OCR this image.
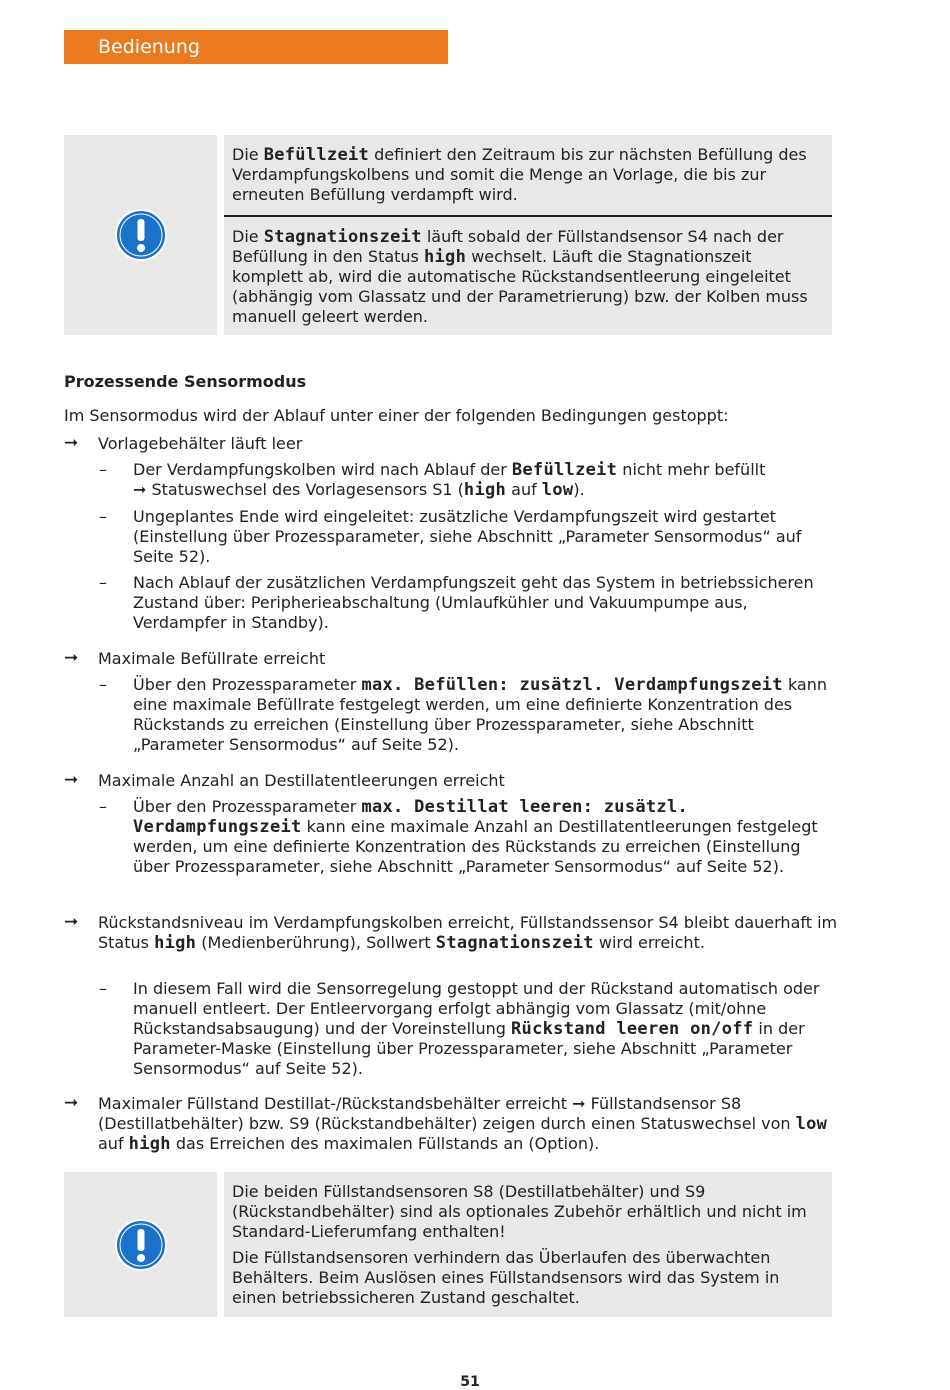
Bedienung
Die Befüllzeit definiert den Zeitraum bis zur nächsten Befüllung des Verdampfungskolbens und somit die Menge an Vorlage, die bis zur erneuten Befüllung verdampft wird.
Die Stagnationszeit läuft sobald der Füllstandsensor S4 nach der Befüllung in den Status high wechselt. Läuft die Stagnationszeit komplett ab, wird die automatische Rückstandsentleerung eingeleitet (abhängig vom Glassatz und der Parametrierung) bzw. der Kolben muss manuell geleert werden.
Prozessende Sensormodus
Im Sensormodus wird der Ablauf unter einer der folgenden Bedingungen gestoppt:
➞ Vorlagebehälter läuft leer
– Der Verdampfungskolben wird nach Ablauf der Befüllzeit nicht mehr befüllt
➞ Statuswechsel des Vorlagesensors S1 (high auf low).
– Ungeplantes Ende wird eingeleitet: zusätzliche Verdampfungszeit wird gestartet (Einstellung über Prozessparameter, siehe Abschnitt „Parameter Sensormodus“ auf Seite 52).
– Nach Ablauf der zusätzlichen Verdampfungszeit geht das System in betriebssicheren Zustand über: Peripherieabschaltung (Umlaufkühler und Vakuumpumpe aus, Verdampfer in Standby).
➞ Maximale Befüllrate erreicht
– Über den Prozessparameter max. Befüllen: zusätzl. Verdampfungszeit kann eine maximale Befüllrate festgelegt werden, um eine definierte Konzentration des Rückstands zu erreichen (Einstellung über Prozessparameter, siehe Abschnitt „Parameter Sensormodus“ auf Seite 52).
➞ Maximale Anzahl an Destillatentleerungen erreicht
– Über den Prozessparameter max. Destillat leeren: zusätzl. Verdampfungszeit kann eine maximale Anzahl an Destillatentleerungen festgelegt werden, um eine definierte Konzentration des Rückstands zu erreichen (Einstellung über Prozessparameter, siehe Abschnitt „Parameter Sensormodus“ auf Seite 52).
➞ Rückstandsniveau im Verdampfungskolben erreicht, Füllstandssensor S4 bleibt dauerhaft im Status high (Medienberührung), Sollwert Stagnationszeit wird erreicht.
– In diesem Fall wird die Sensorregelung gestoppt und der Rückstand automatisch oder manuell entleert. Der Entleervorgang erfolgt abhängig vom Glassatz (mit/ohne Rückstandsabsaugung) und der Voreinstellung Rückstand leeren on/off in der Parameter-Maske (Einstellung über Prozessparameter, siehe Abschnitt „Parameter Sensormodus“ auf Seite 52).
➞ Maximaler Füllstand Destillat-/Rückstandsbehälter erreicht ➞ Füllstandsensor S8 (Destillatbehälter) bzw. S9 (Rückstandbehälter) zeigen durch einen Statuswechsel von low auf high das Erreichen des maximalen Füllstands an (Option).
Die beiden Füllstandsensoren S8 (Destillatbehälter) und S9 (Rückstandbehälter) sind als optionales Zubehör erhältlich und nicht im Standard-Lieferumfang enthalten!
Die Füllstandsensoren verhindern das Überlaufen des überwachten Behälters. Beim Auslösen eines Füllstandsensors wird das System in einen betriebssicheren Zustand geschaltet.
51
